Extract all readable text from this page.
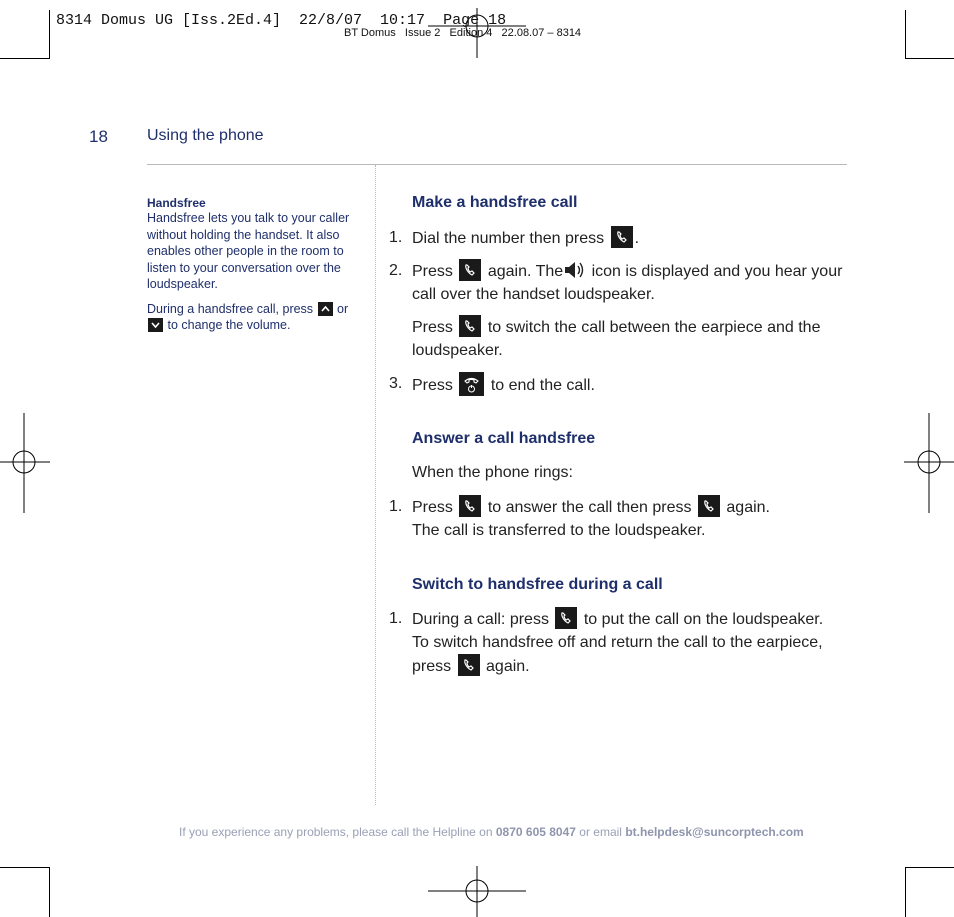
8314 Domus UG [Iss.2Ed.4]  22/8/07  10:17  Page 18
BT Domus   Issue 2   Edition 4   22.08.07 – 8314
18 Using the phone
Handsfree
Handsfree lets you talk to your caller without holding the handset. It also enables other people in the room to listen to your conversation over the loudspeaker.
During a handsfree call, press or
to change the volume.
Make a handsfree call
1. Dial the number then press .
2. Press again. The icon is displayed and you hear your
call over the handset loudspeaker.
Press to switch the call between the earpiece and the
loudspeaker.
3. Press to end the call.
Answer a call handsfree
When the phone rings:
1. Press to answer the call then press again.
The call is transferred to the loudspeaker.
Switch to handsfree during a call
1. During a call: press to put the call on the loudspeaker.
To switch handsfree off and return the call to the earpiece,
press again.
If you experience any problems, please call the Helpline on 0870 605 8047 or email bt.helpdesk@suncorptech.com
